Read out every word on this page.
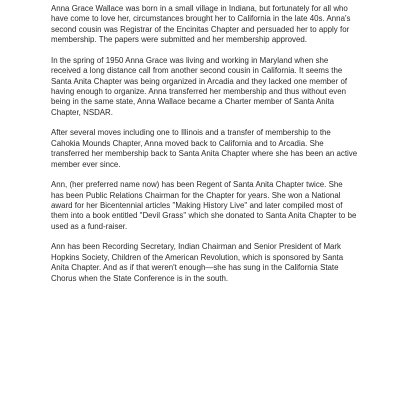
Anna Grace Wallace was born in a small village in Indiana, but fortunately for all who
have come to love her, circumstances brought her to California in the late 40s. Anna's
second cousin was Registrar of the Encinitas Chapter and persuaded her to apply for
membership. The papers were submitted and her membership approved.

In the spring of 1950 Anna Grace was living and working in Maryland when she
received a long distance call from another second cousin in California. It seems the
Santa Anita Chapter was being organized in Arcadia and they lacked one member of
having enough to organize. Anna transferred her membership and thus without even
being in the same state, Anna Wallace became a Charter member of Santa Anita
Chapter, NSDAR.

After several moves including one to Illinois and a transfer of membership to the
Cahokia Mounds Chapter, Anna moved back to California and to Arcadia. She
transferred her membership back to Santa Anita Chapter where she has been an active
member ever since.

Ann, (her preferred name now) has been Regent of Santa Anita Chapter twice. She
has been Public Relations Chairman for the Chapter for years. She won a National
award for her Bicentennial articles "Making History Live" and later compiled most of
them into a book entitled "Devil Grass" which she donated to Santa Anita Chapter to be
used as a fund-raiser.

Ann has been Recording Secretary, Indian Chairman and Senior President of Mark
Hopkins Society, Children of the American Revolution, which is sponsored by Santa
Anita Chapter. And as if that weren't enough—she has sung in the California State
Chorus when the State Conference is in the south.
